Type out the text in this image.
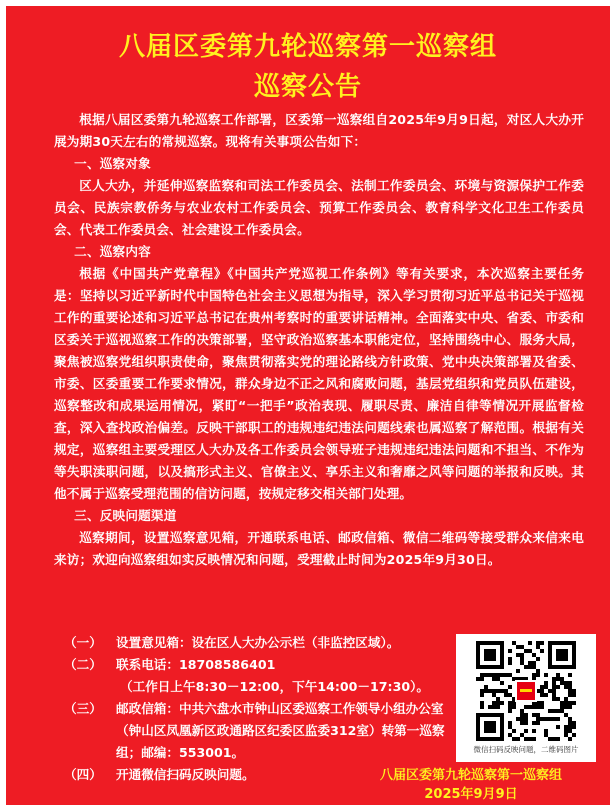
八届区委第九轮巡察第一巡察组
巡察公告

根据八届区委第九轮巡察工作部署，区委第一巡察组自2025年9月9日起，对区人大办开展为期30天左右的常规巡察。现将有关事项公告如下：

一、巡察对象

区人大办，并延伸巡察监察和司法工作委员会、法制工作委员会、环境与资源保护工作委员会、民族宗教侨务与农业农村工作委员会、预算工作委员会、教育科学文化卫生工作委员会、代表工作委员会、社会建设工作委员会。

二、巡察内容

根据《中国共产党章程》《中国共产党巡视工作条例》等有关要求，本次巡察主要任务是：坚持以习近平新时代中国特色社会主义思想为指导，深入学习贯彻习近平总书记关于巡视工作的重要论述和习近平总书记在贵州考察时的重要讲话精神。全面落实中央、省委、市委和区委关于巡视巡察工作的决策部署，坚守政治巡察基本职能定位，坚持围绕中心、服务大局，聚焦被巡察党组织职责使命，聚焦贯彻落实党的理论路线方针政策、党中央决策部署及省委、市委、区委重要工作要求情况，群众身边不正之风和腐败问题，基层党组织和党员队伍建设，巡察整改和成果运用情况，紧盯“一把手”政治表现、履职尽责、廉洁自律等情况开展监督检查，深入查找政治偏差。反映干部职工的违规违纪违法问题线索也属巡察了解范围。根据有关规定，巡察组主要受理区人大办及各工作委员会领导班子违规违纪违法问题和不担当、不作为等失职渎职问题，以及搞形式主义、官僚主义、享乐主义和奢靡之风等问题的举报和反映。其他不属于巡察受理范围的信访问题，按规定移交相关部门处理。

三、反映问题渠道

巡察期间，设置巡察意见箱，开通联系电话、邮政信箱、微信二维码等接受群众来信来电来访；欢迎向巡察组如实反映情况和问题，受理截止时间为2025年9月30日。

（一） 设置意见箱：设在区人大办公示栏（非监控区域）。
（二） 联系电话：18708586401
（工作日上午8:30－12:00，下午14:00－17:30）。
（三） 邮政信箱：中共六盘水市钟山区委巡察工作领导小组办公室（钟山区凤凰新区政通路区纪委区监委312室）转第一巡察组；邮编：553001。
（四） 开通微信扫码反映问题。
微信扫码反映问题，二维码图片
八届区委第九轮巡察第一巡察组
2025年9月9日
